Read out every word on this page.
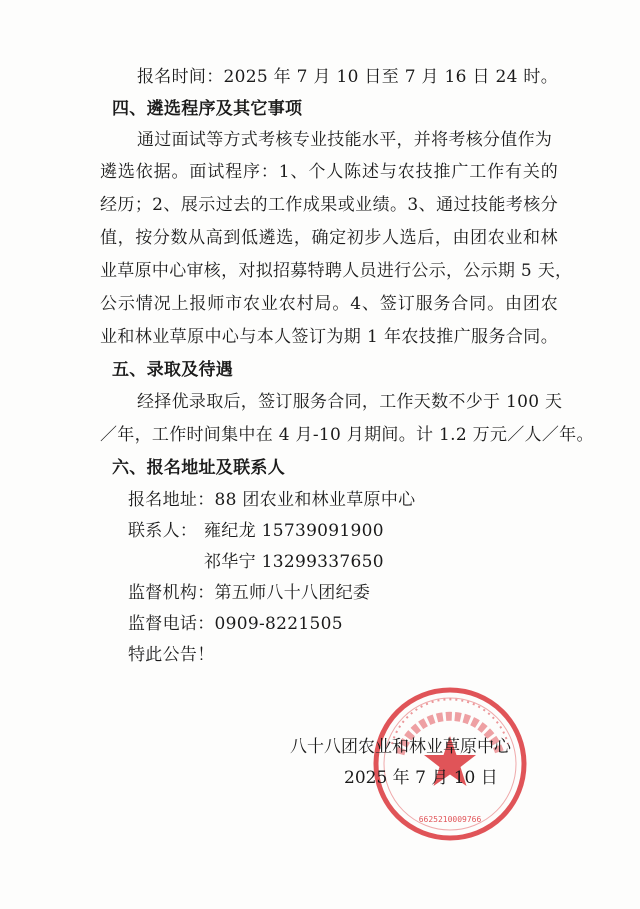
报名时间：2025 年 7 月 10 日至 7 月 16 日 24 时。
四、遴选程序及其它事项
通过面试等方式考核专业技能水平，并将考核分值作为
遴选依据。面试程序：1、个人陈述与农技推广工作有关的
经历；2、展示过去的工作成果或业绩。3、通过技能考核分
值，按分数从高到低遴选，确定初步人选后，由团农业和林
业草原中心审核，对拟招募特聘人员进行公示，公示期 5 天，
公示情况上报师市农业农村局。4、签订服务合同。由团农
业和林业草原中心与本人签订为期 1 年农技推广服务合同。
五、录取及待遇
经择优录取后，签订服务合同，工作天数不少于 100 天
／年，工作时间集中在 4 月-10 月期间。计 1.2 万元／人／年。
六、报名地址及联系人
报名地址：88 团农业和林业草原中心
联系人： 雍纪龙 15739091900
祁华宁 13299337650
监督机构：第五师八十八团纪委
监督电话：0909-8221505
特此公告！
6625210009766
八十八团农业和林业草原中心
2025 年 7 月 10 日
